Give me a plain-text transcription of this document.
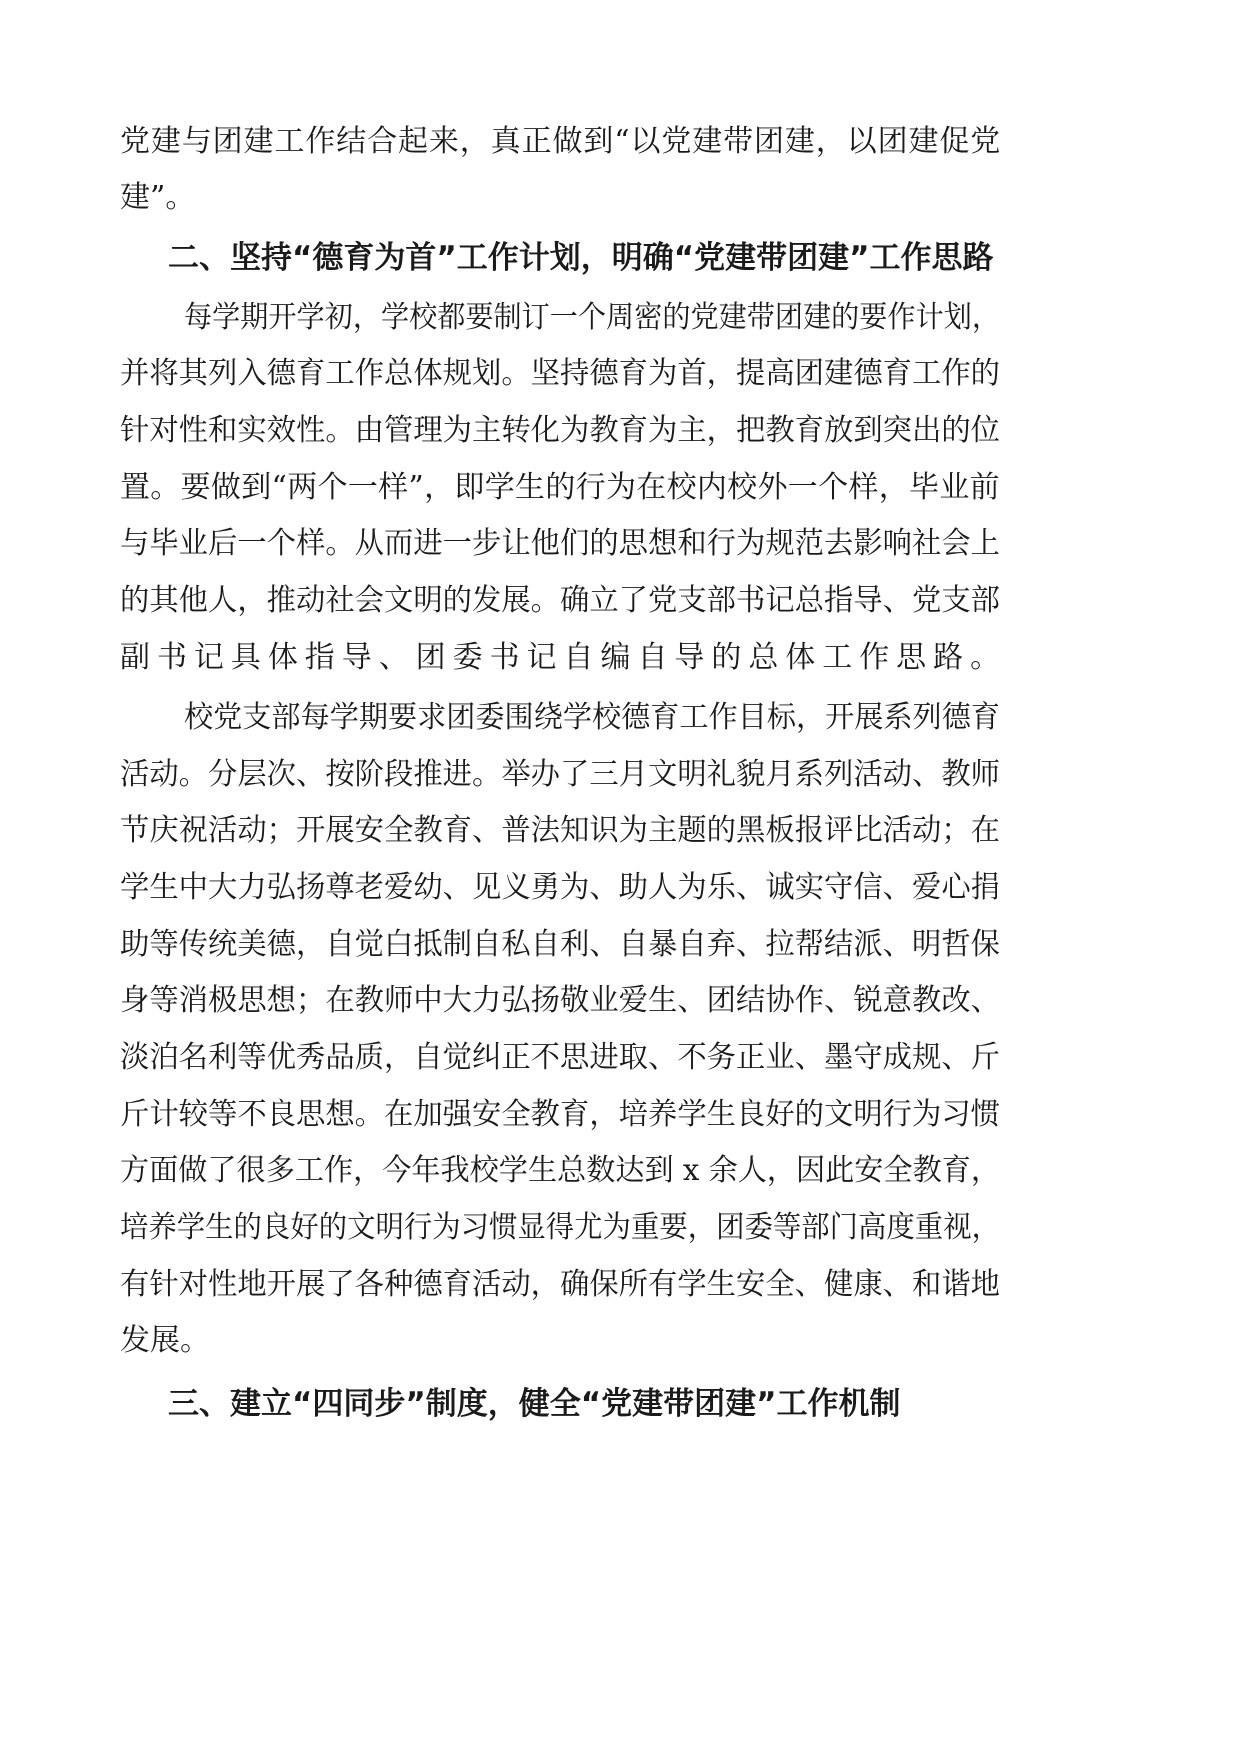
党建与团建工作结合起来，真正做到“以党建带团建，以团建促党
建”。
二、坚持“德育为首”工作计划，明确“党建带团建”工作思路
每学期开学初，学校都要制订一个周密的党建带团建的要作计划，
并将其列入德育工作总体规划。坚持德育为首，提高团建德育工作的
针对性和实效性。由管理为主转化为教育为主，把教育放到突出的位
置。要做到“两个一样”，即学生的行为在校内校外一个样，毕业前
与毕业后一个样。从而进一步让他们的思想和行为规范去影响社会上
的其他人，推动社会文明的发展。确立了党支部书记总指导、党支部
副书记具体指导、团委书记自编自导的总体工作思路。
校党支部每学期要求团委围绕学校德育工作目标，开展系列德育
活动。分层次、按阶段推进。举办了三月文明礼貌月系列活动、教师
节庆祝活动；开展安全教育、普法知识为主题的黑板报评比活动；在
学生中大力弘扬尊老爱幼、见义勇为、助人为乐、诚实守信、爱心捐
助等传统美德，自觉白抵制自私自利、自暴自弃、拉帮结派、明哲保
身等消极思想；在教师中大力弘扬敬业爱生、团结协作、锐意教改、
淡泊名利等优秀品质，自觉纠正不思进取、不务正业、墨守成规、斤
斤计较等不良思想。在加强安全教育，培养学生良好的文明行为习惯
方面做了很多工作，今年我校学生总数达到 x 余人，因此安全教育，
培养学生的良好的文明行为习惯显得尤为重要，团委等部门高度重视，
有针对性地开展了各种德育活动，确保所有学生安全、健康、和谐地
发展。
三、建立“四同步”制度，健全“党建带团建”工作机制
